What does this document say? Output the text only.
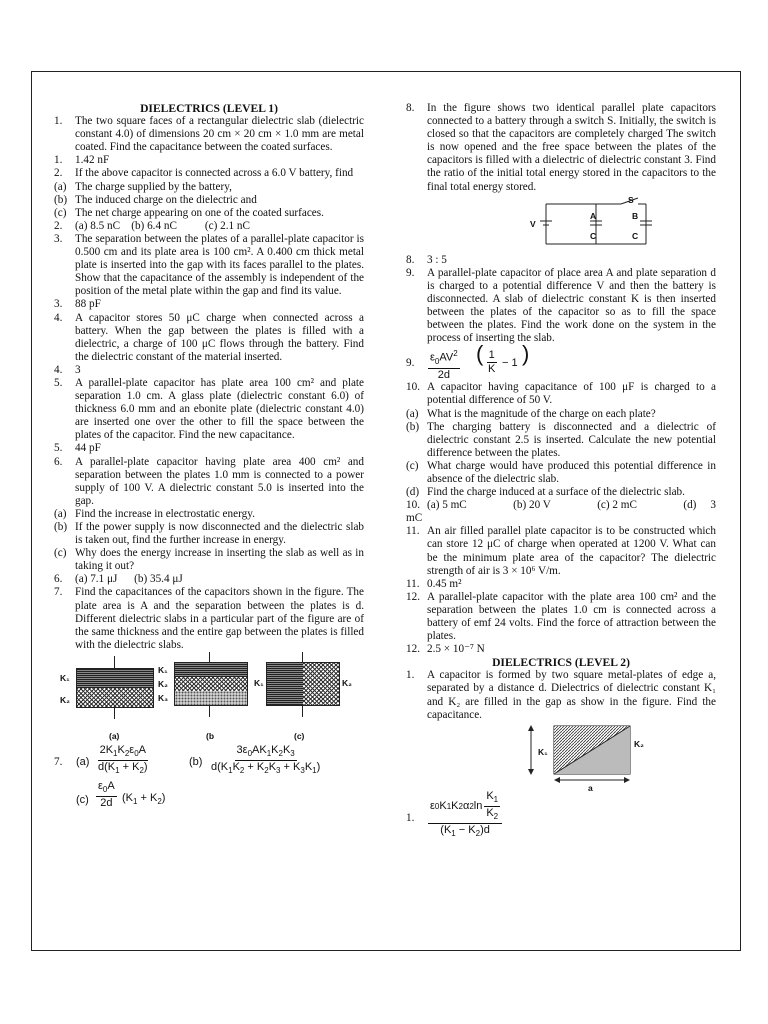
DIELECTRICS (LEVEL 1)

1.	The two square faces of a rectangular dielectric slab (dielectric constant 4.0) of dimensions 20 cm × 20 cm × 1.0 mm are metal coated. Find the capacitance between the coated surfaces.
1.	1.42 nF
2.	If the above capacitor is connected across a 6.0 V battery, find
(a) The charge supplied by the battery,
(b) The induced charge on the dielectric and
(c) The net charge appearing on one of the coated surfaces.
2.	(a) 8.5 nC    (b) 6.4 nC          (c) 2.1 nC
3.	The separation between the plates of a parallel-plate capacitor is 0.500 cm and its plate area is 100 cm². A 0.400 cm thick metal plate is inserted into the gap with its faces parallel to the plates. Show that the capacitance of the assembly is independent of the position of the metal plate within the gap and find its value.
3.	88 pF
4.	A capacitor stores 50 μC charge when connected across a battery. When the gap between the plates is filled with a dielectric, a charge of 100 μC flows through the battery. Find the dielectric constant of the material inserted.
4.	3
5.	A parallel-plate capacitor has plate area 100 cm² and plate separation 1.0 cm. A glass plate (dielectric constant 6.0) of thickness 6.0 mm and an ebonite plate (dielectric constant 4.0) are inserted one over the other to fill the space between the plates of the capacitor. Find the new capacitance.
5.	44 pF
6.	A parallel-plate capacitor having plate area 400 cm² and separation between the plates 1.0 mm is connected to a power supply of 100 V. A dielectric constant 5.0 is inserted into the gap.
(a) Find the increase in electrostatic energy.
(b) If the power supply is now disconnected and the dielectric slab is taken out, find the further increase in energy.
(c) Why does the energy increase in inserting the slab as well as in taking it out?
6.	(a) 7.1 μJ      (b) 35.4 μJ
7.	Find the capacitances of the capacitors shown in the figure. The plate area is A and the separation between the plates is d. Different dielectric slabs in a particular part of the figure are of the same thickness and the entire gap between the plates is filled with the dielectric slabs.
K₁
K₂
(a)
K₁
K₂
K₃
(b
K₁	K₂
(c)
7. $(a) \frac{2K_1K_2\varepsilon_0A}{d(K_1 + K_2)}$	$(b) \frac{3\varepsilon_0AK_1K_2K_3}{d(K_1K_2 + K_2K_3 + K_3K_1)}$
$(c) \frac{\varepsilon_0A}{2d} (K_1 + K_2)$
8.	In the figure shows two identical parallel plate capacitors connected to a battery through a switch S. Initially, the switch is closed so that the capacitors are completely charged The switch is now opened and the free space between the plates of the capacitors is filled with a dielectric of dielectric constant 3. Find the ratio of the initial total energy stored in the capacitors to the final total energy stored.
S
V
A	B
C	C
8.	3 : 5
9.	A parallel-plate capacitor of place area A and plate separation d is charged to a potential difference V and then the battery is disconnected. A slab of dielectric constant K is then inserted between the plates of the capacitor so as to fill the space between the plates. Find the work done on the system in the process of inserting the slab.
9. $\frac{\varepsilon_0AV^2}{2d}$ ( $\frac{1}{K} - 1$ )
10. A capacitor having capacitance of 100 μF is charged to a potential difference of 50 V.
(a) What is the magnitude of the charge on each plate?
(b) The charging battery is disconnected and a dielectric of dielectric constant 2.5 is inserted. Calculate the new potential difference between the plates.
(c) What charge would have produced this potential difference in absence of the dielectric slab.
(d) Find the charge induced at a surface of the dielectric slab.
10. (a) 5 mC	(b) 20 V	(c) 2 mC	(d)     3
mC
11. An air filled parallel plate capacitor is to be constructed which can store 12 μC of charge when operated at 1200 V. What can be the minimum plate area of the capacitor? The dielectric strength of air is 3 × 10⁶ V/m.
11. 0.45 m²
12. A parallel-plate capacitor with the plate area 100 cm² and the separation between the plates 1.0 cm is connected across a battery of emf 24 volts. Find the force of attraction between the plates.
12. 2.5 × 10⁻⁷ N

DIELECTRICS (LEVEL 2)

1.	A capacitor is formed by two square metal-plates of edge a, separated by a distance d. Dielectrics of dielectric constant K₁ and K₂ are filled in the gap as show in the figure. Find the capacitance.
K₁
K₂
a
1. $\frac{\varepsilon 0 K 1 K 2 \alpha 2 \ln \frac{K_1}{K_2}}{(K_1 - K_2)d}$
